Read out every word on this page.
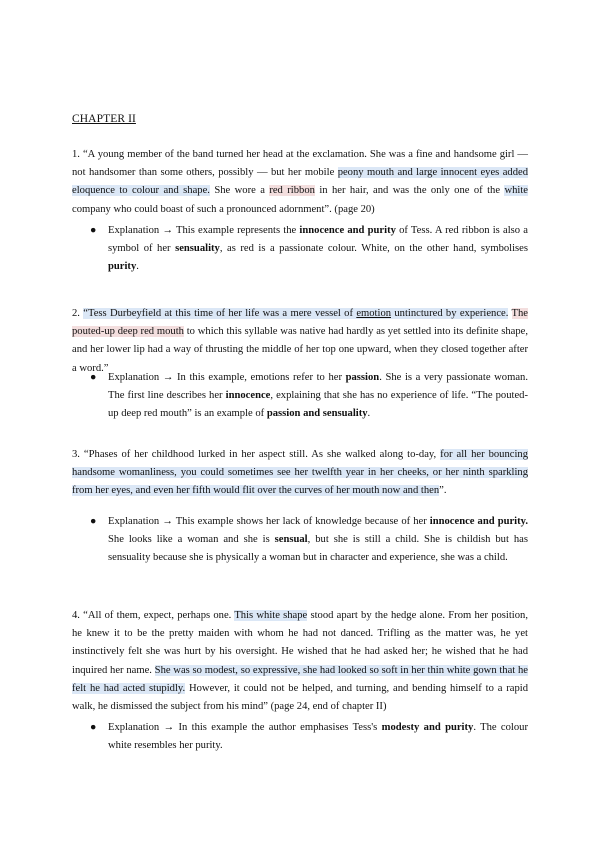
CHAPTER II
1. “A young member of the band turned her head at the exclamation. She was a fine and handsome girl — not handsomer than some others, possibly — but her mobile peony mouth and large innocent eyes added eloquence to colour and shape. She wore a red ribbon in her hair, and was the only one of the white company who could boast of such a pronounced adornment”. (page 20)
●	Explanation → This example represents the innocence and purity of Tess. A red ribbon is also a symbol of her sensuality, as red is a passionate colour. White, on the other hand, symbolises purity.
2. “Tess Durbeyfield at this time of her life was a mere vessel of emotion untinctured by experience. The pouted-up deep red mouth to which this syllable was native had hardly as yet settled into its definite shape, and her lower lip had a way of thrusting the middle of her top one upward, when they closed together after a word.”
●	Explanation → In this example, emotions refer to her passion. She is a very passionate woman. The first line describes her innocence, explaining that she has no experience of life. “The pouted-up deep red mouth” is an example of passion and sensuality.
3. “Phases of her childhood lurked in her aspect still. As she walked along to-day, for all her bouncing handsome womanliness, you could sometimes see her twelfth year in her cheeks, or her ninth sparkling from her eyes, and even her fifth would flit over the curves of her mouth now and then”.
●	Explanation → This example shows her lack of knowledge because of her innocence and purity. She looks like a woman and she is sensual, but she is still a child. She is childish but has sensuality because she is physically a woman but in character and experience, she was a child.
4. “All of them, expect, perhaps one. This white shape stood apart by the hedge alone. From her position, he knew it to be the pretty maiden with whom he had not danced. Trifling as the matter was, he yet instinctively felt she was hurt by his oversight. He wished that he had asked her; he wished that he had inquired her name. She was so modest, so expressive, she had looked so soft in her thin white gown that he felt he had acted stupidly. However, it could not be helped, and turning, and bending himself to a rapid walk, he dismissed the subject from his mind” (page 24, end of chapter II)
●	Explanation → In this example the author emphasises Tess's modesty and purity. The colour white resembles her purity.
